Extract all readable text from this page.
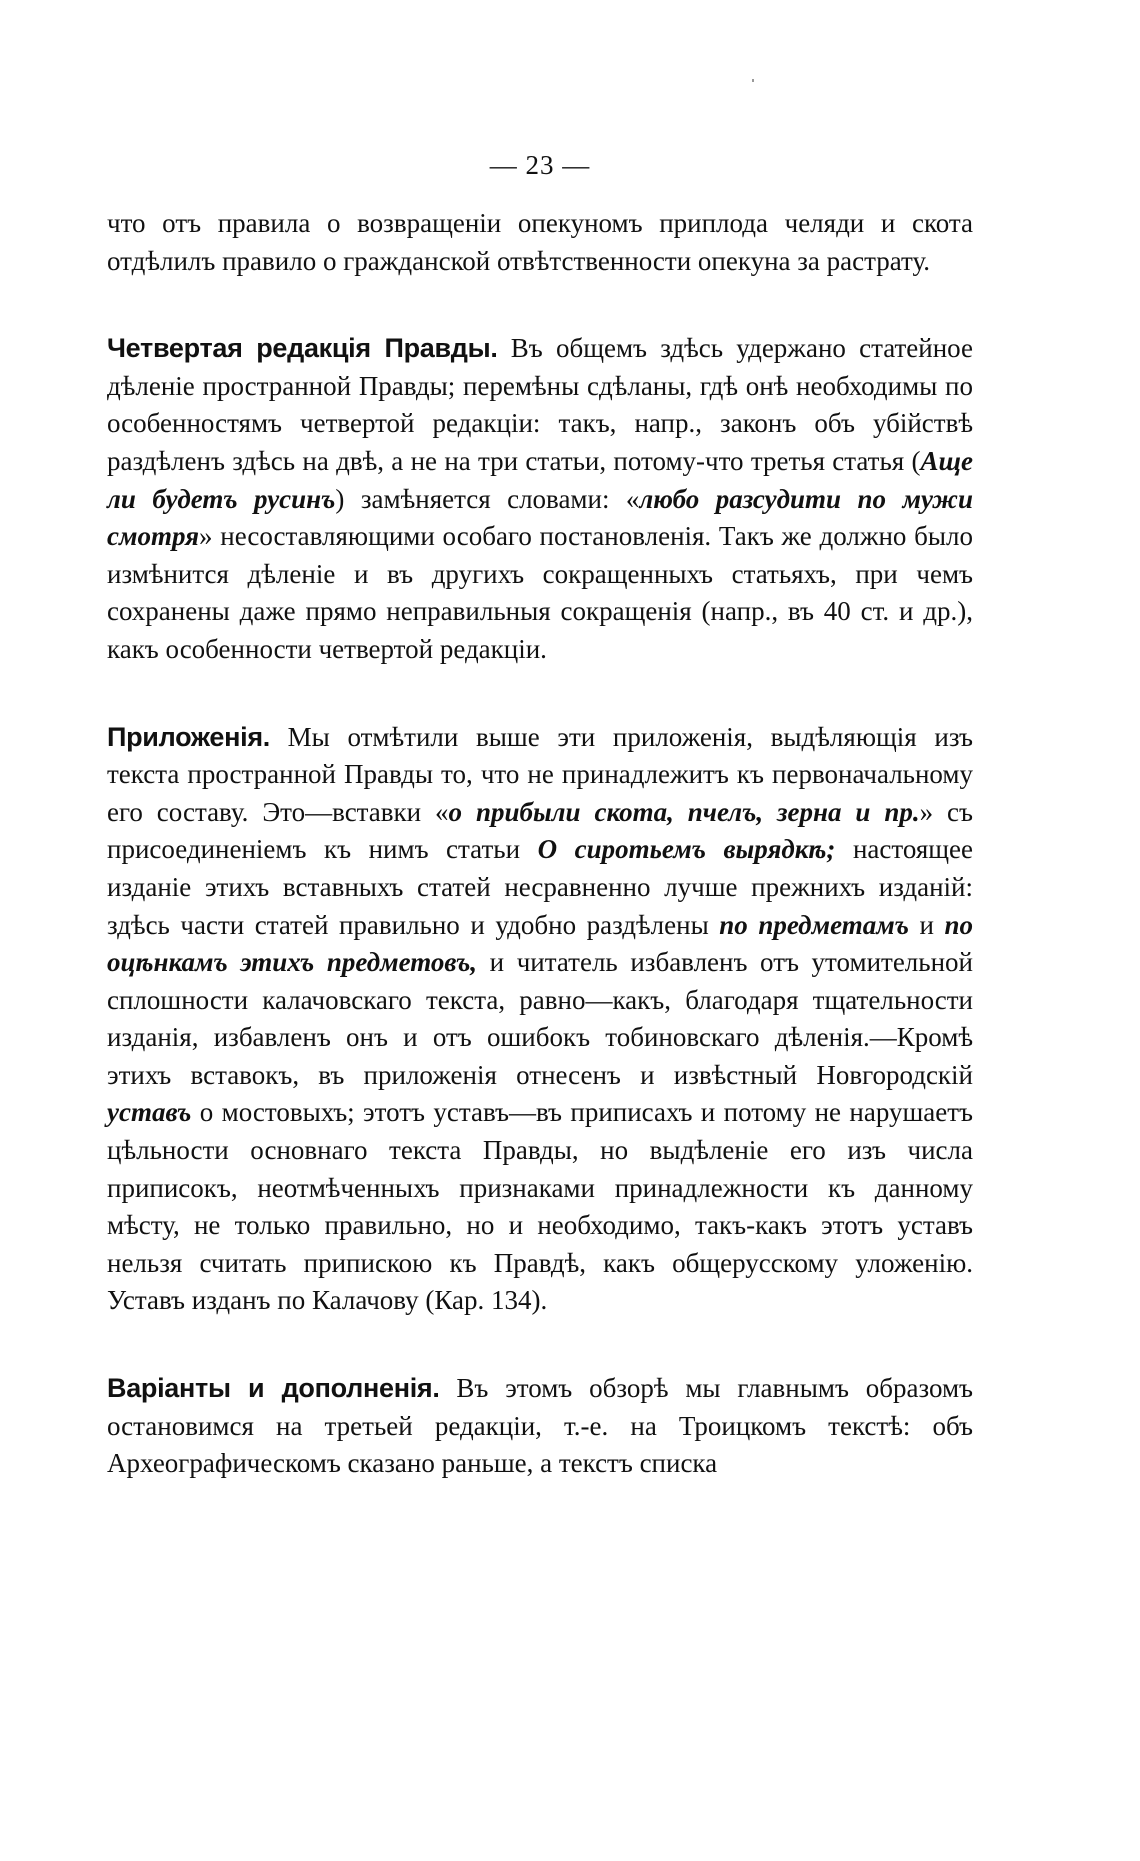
— 23 —

что отъ правила о возвращеніи опекуномъ приплода челяди и скота отдѣлилъ правило о гражданской отвѣтственности опекуна за растрату.

Четвертая редакція Правды. Въ общемъ здѣсь удержано статейное дѣленіе пространной Правды; перемѣны сдѣланы, гдѣ онѣ необходимы по особенностямъ четвертой редакціи: такъ, напр., законъ объ убійствѣ раздѣленъ здѣсь на двѣ, а не на три статьи, потому-что третья статья (Аще ли будетъ русинъ) замѣняется словами: «любо разсудити по мужи смотря» несоставляющими особаго постановленія. Такъ же должно было измѣнится дѣленіе и въ другихъ сокращенныхъ статьяхъ, при чемъ сохранены даже прямо неправильныя сокращенія (напр., въ 40 ст. и др.), какъ особенности четвертой редакціи.

Приложенія. Мы отмѣтили выше эти приложенія, выдѣляющія изъ текста пространной Правды то, что не принадлежитъ къ первоначальному его составу. Это—вставки «о прибыли скота, пчелъ, зерна и пр.» съ присоединеніемъ къ нимъ статьи О сиротьемъ вырядкѣ; настоящее изданіе этихъ вставныхъ статей несравненно лучше прежнихъ изданій: здѣсь части статей правильно и удобно раздѣлены по предметамъ и по оцѣнкамъ этихъ предметовъ, и читатель избавленъ отъ утомительной сплошности калачовскаго текста, равно—какъ, благодаря тщательности изданія, избавленъ онъ и отъ ошибокъ тобиновскаго дѣленія.—Кромѣ этихъ вставокъ, въ приложенія отнесенъ и извѣстный Новгородскій уставъ о мостовыхъ; этотъ уставъ—въ приписахъ и потому не нарушаетъ цѣльности основнаго текста Правды, но выдѣленіе его изъ числа приписокъ, неотмѣченныхъ признаками принадлежности къ данному мѣсту, не только правильно, но и необходимо, такъ-какъ этотъ уставъ нельзя считать припискою къ Правдѣ, какъ общерусскому уложенію. Уставъ изданъ по Калачову (Кар. 134).

Варіанты и дополненія. Въ этомъ обзорѣ мы главнымъ образомъ остановимся на третьей редакціи, т.-е. на Троицкомъ текстѣ: объ Археографическомъ сказано раньше, а текстъ списка
